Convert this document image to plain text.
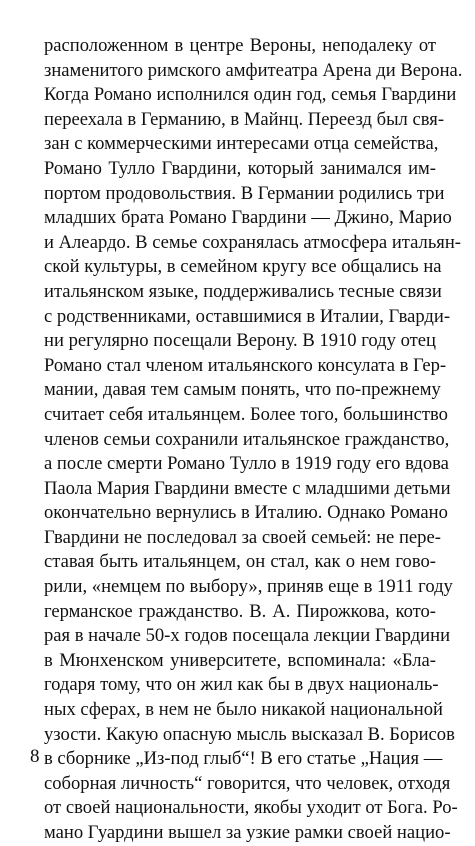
расположенном в центре Вероны, неподалеку от
знаменитого римского амфитеатра Арена ди Верона.
Когда Романо исполнился один год, семья Гвардини
переехала в Германию, в Майнц. Переезд был свя-
зан с коммерческими интересами отца семейства,
Романо Тулло Гвардини, который занимался им-
портом продовольствия. В Германии родились три
младших брата Романо Гвардини — Джино, Марио
и Алеардо. В семье сохранялась атмосфера итальян-
ской культуры, в семейном кругу все общались на
итальянском языке, поддерживались тесные связи
с родственниками, оставшимися в Италии, Гварди-
ни регулярно посещали Верону. В 1910 году отец
Романо стал членом итальянского консулата в Гер-
мании, давая тем самым понять, что по-прежнему
считает себя итальянцем. Более того, большинство
членов семьи сохранили итальянское гражданство,
а после смерти Романо Тулло в 1919 году его вдова
Паола Мария Гвардини вместе с младшими детьми
окончательно вернулись в Италию. Однако Романо
Гвардини не последовал за своей семьей: не пере-
ставая быть итальянцем, он стал, как о нем гово-
рили, «немцем по выбору», приняв еще в 1911 году
германское гражданство. В. А. Пирожкова, кото-
рая в начале 50-х годов посещала лекции Гвардини
в Мюнхенском университете, вспоминала: «Бла-
годаря тому, что он жил как бы в двух националь-
ных сферах, в нем не было никакой национальной
узости. Какую опасную мысль высказал В. Борисов
в сборнике „Из-под глыб“! В его статье „Нация —
соборная личность“ говорится, что человек, отходя
от своей национальности, якобы уходит от Бога. Ро-
мано Гуардини вышел за узкие рамки своей нацио-
8
